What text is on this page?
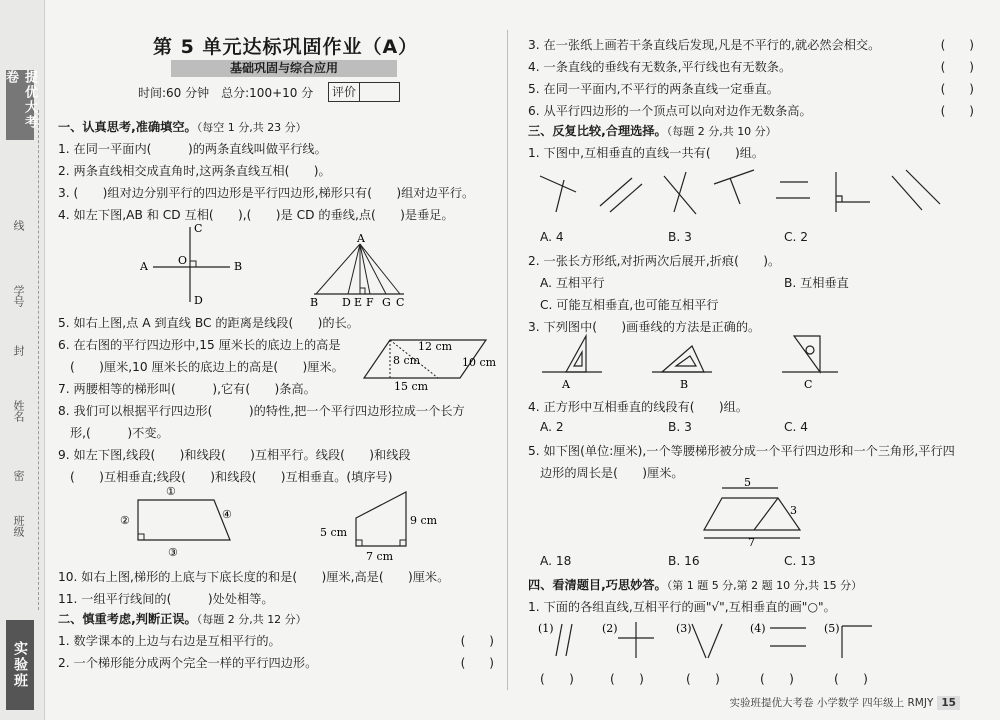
提优大考卷
线
学号
封
姓名
密
班级
实验班
第 5 单元达标巩固作业（A）
基础巩固与综合应用
时间:60 分钟　总分:100+10 分	评价
一、认真思考,准确填空。（每空 1 分,共 23 分）
1. 在同一平面内(　　　)的两条直线叫做平行线。
2. 两条直线相交成直角时,这两条直线互相(　　)。
3. (　　)组对边分别平行的四边形是平行四边形,梯形只有(　　)组对边平行。
4. 如左下图,AB 和 CD 互相(　　),(　　)是 CD 的垂线,点(　　)是垂足。
A	B
C
D
O
A
B D E F G C
5. 如右上图,点 A 到直线 BC 的距离是线段(　　)的长。
6. 在右图的平行四边形中,15 厘米长的底边上的高是
(　　)厘米,10 厘米长的底边上的高是(　　)厘米。
12 cm
8 cm	10 cm
15 cm
7. 两腰相等的梯形叫(　　　),它有(　　)条高。
8. 我们可以根据平行四边形(　　　)的特性,把一个平行四边形拉成一个长方
形,(　　　)不变。
9. 如左下图,线段(　　)和线段(　　)互相平行。线段(　　)和线段
(　　)互相垂直;线段(　　)和线段(　　)互相垂直。(填序号)
①
②
③
④
5 cm
9 cm
7 cm
10. 如右上图,梯形的上底与下底长度的和是(　　)厘米,高是(　　)厘米。
11. 一组平行线间的(　　　)处处相等。
二、慎重考虑,判断正误。（每题 2 分,共 12 分）
1. 数学课本的上边与右边是互相平行的。	(　　)
2. 一个梯形能分成两个完全一样的平行四边形。	(　　)
3. 在一张纸上画若干条直线后发现,凡是不平行的,就必然会相交。	(　　)
4. 一条直线的垂线有无数条,平行线也有无数条。	(　　)
5. 在同一平面内,不平行的两条直线一定垂直。	(　　)
6. 从平行四边形的一个顶点可以向对边作无数条高。	(　　)
三、反复比较,合理选择。（每题 2 分,共 10 分）
1. 下图中,互相垂直的直线一共有(　　)组。
A. 4	B. 3	C. 2
2. 一张长方形纸,对折两次后展开,折痕(　　)。
A. 互相平行	B. 互相垂直
C. 可能互相垂直,也可能互相平行
3. 下列图中(　　)画垂线的方法是正确的。
A	B	C
4. 正方形中互相垂直的线段有(　　)组。
A. 2	B. 3	C. 4
5. 如下图(单位:厘米),一个等腰梯形被分成一个平行四边形和一个三角形,平行四
边形的周长是(　　)厘米。
5
3
7
A. 18	B. 16	C. 13
四、看清题目,巧思妙答。（第 1 题 5 分,第 2 题 10 分,共 15 分）
1. 下面的各组直线,互相平行的画"√",互相垂直的画"○"。
(1)	(2)	(3)	(4)	(5)
(　　)	(　　)	(　　)	(　　)	(　　)
实验班提优大考卷 小学数学 四年级上 RMJY 15
